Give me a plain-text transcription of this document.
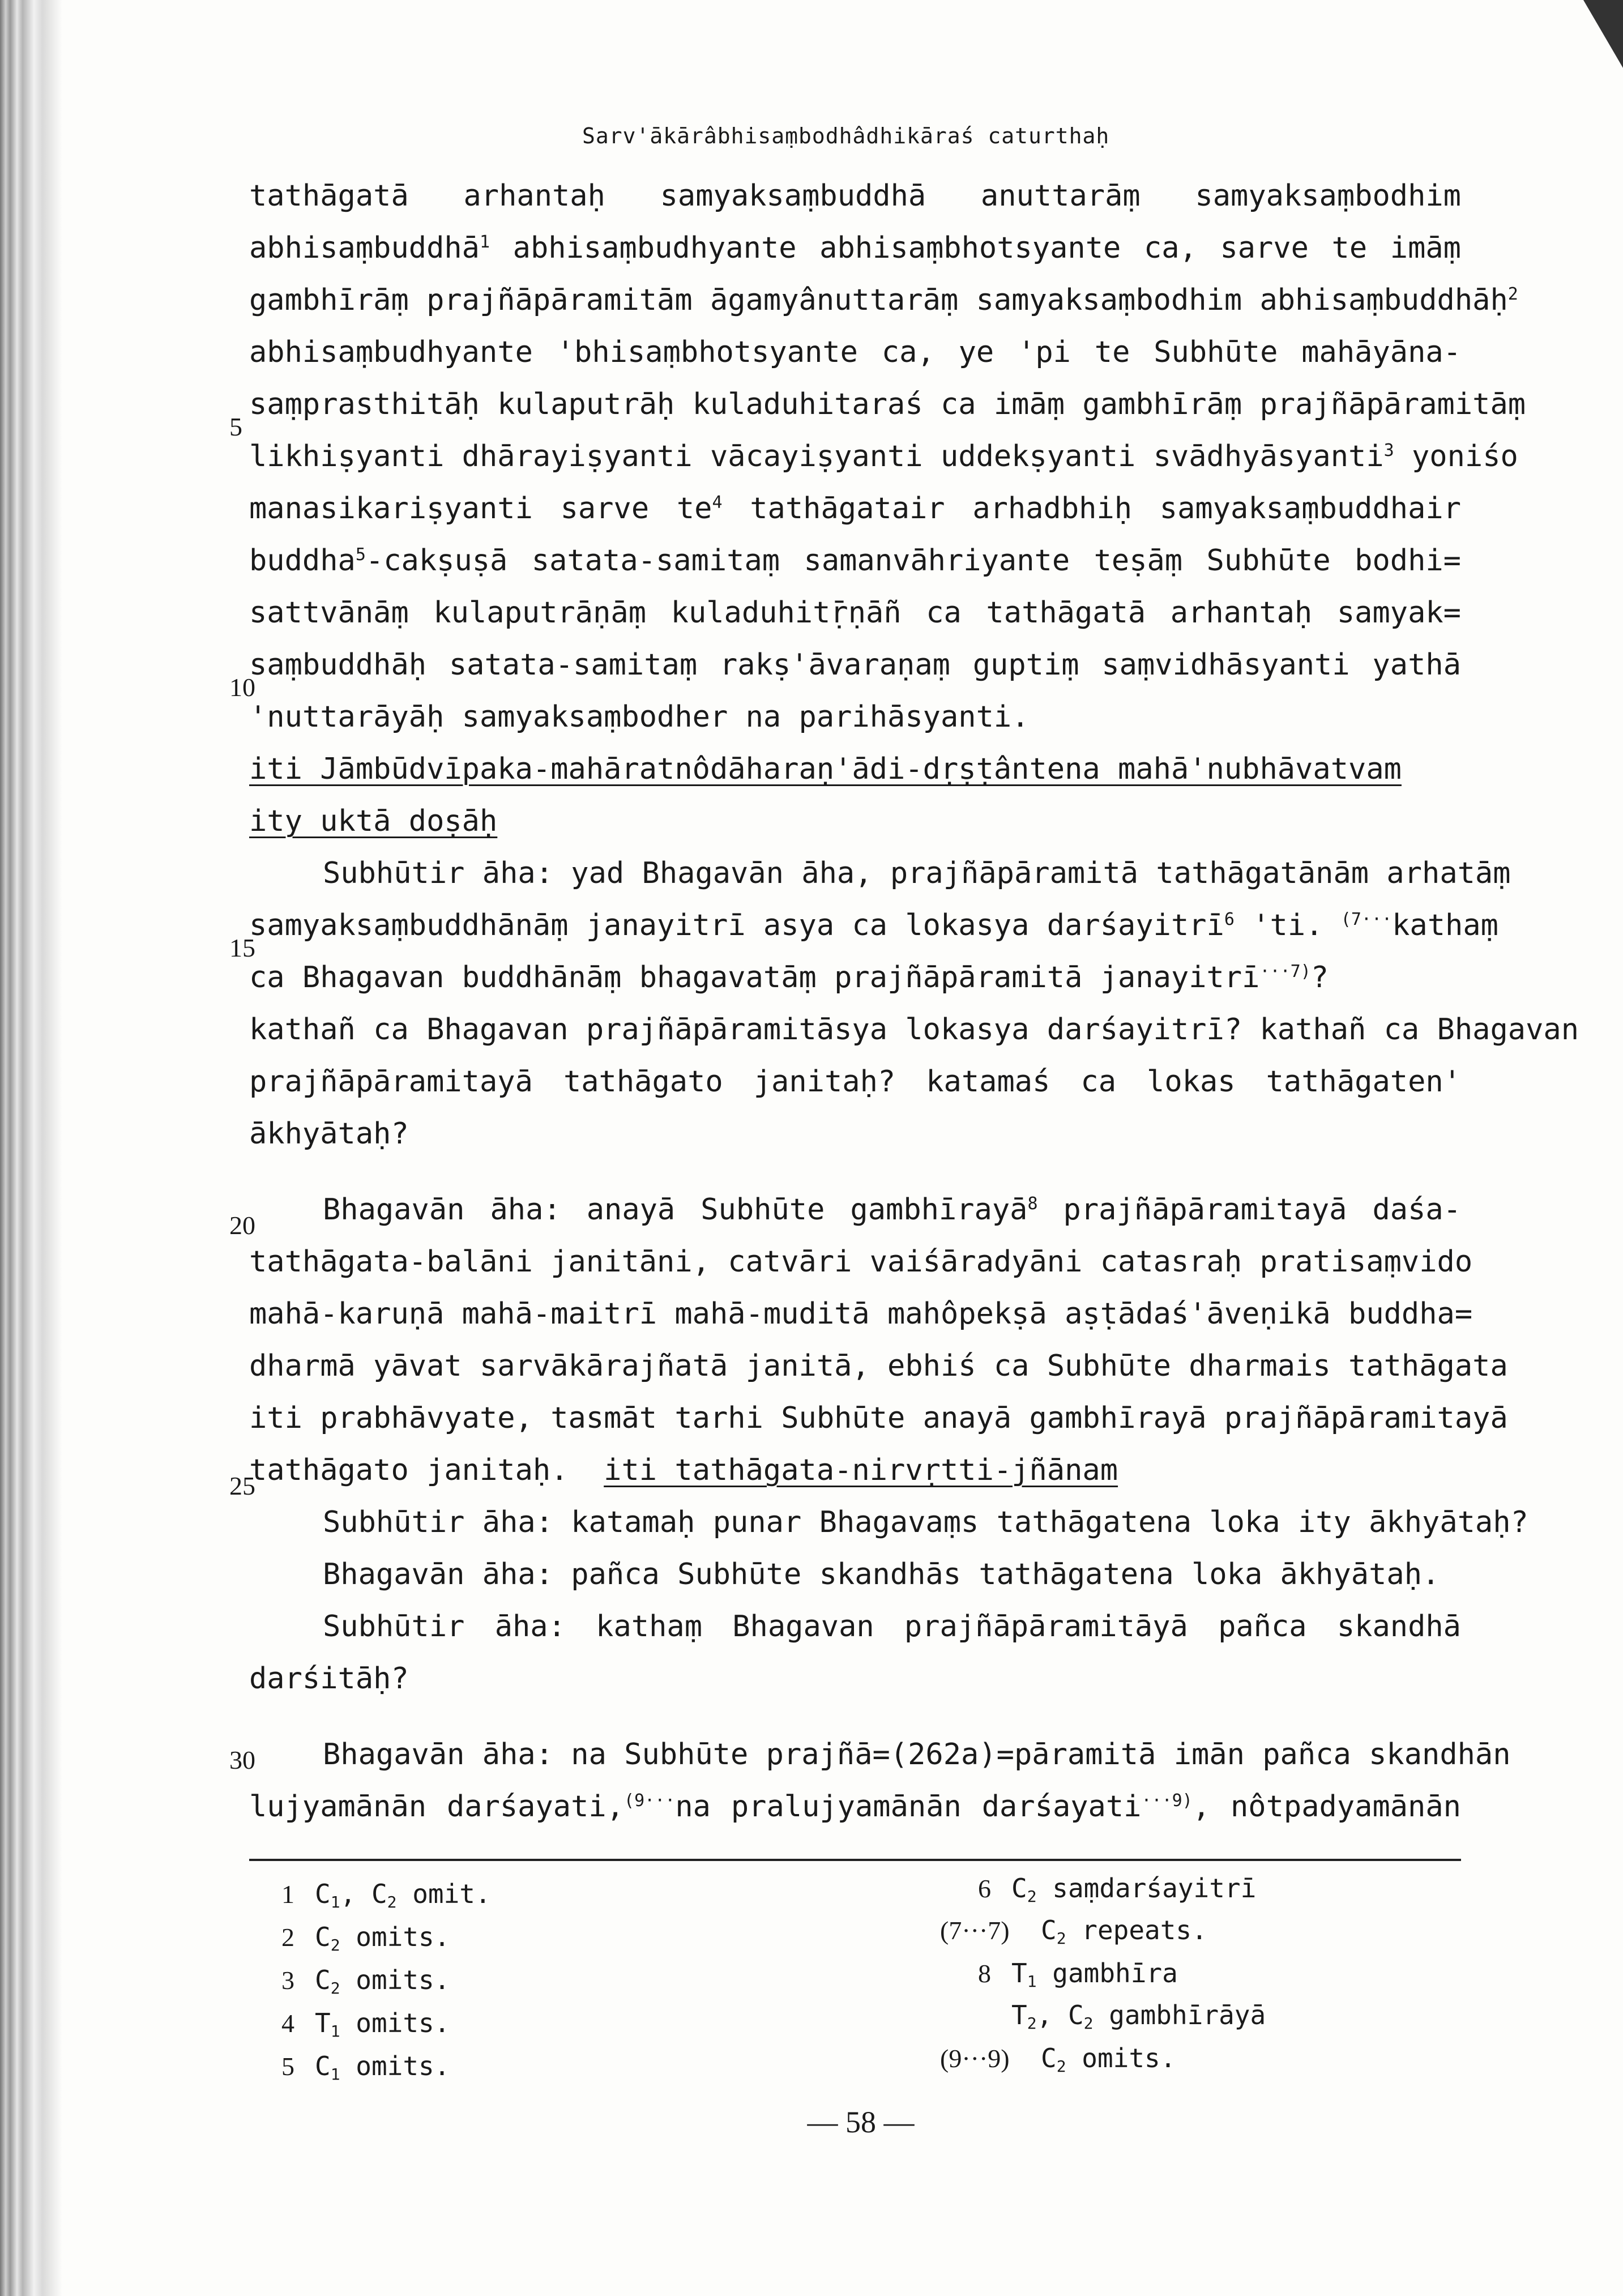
Sarv'ākārâbhisaṃbodhâdhikāraś caturthaḥ
5
10
15
20
25
30
tathāgatā arhantaḥ samyaksaṃbuddhā anuttarāṃ samyaksaṃbodhim
abhisaṃbuddhā$^1$ abhisaṃbudhyante abhisaṃbhotsyante ca, sarve te imāṃ
gambhīrāṃ prajñāpāramitām āgamyânuttarāṃ samyaksaṃbodhim abhisaṃbuddhāḥ$^2$
abhisaṃbudhyante 'bhisaṃbhotsyante ca, ye 'pi te Subhūte mahāyāna-
saṃprasthitāḥ kulaputrāḥ kuladuhitaraś ca imāṃ gambhīrāṃ prajñāpāramitāṃ
likhiṣyanti dhārayiṣyanti vācayiṣyanti uddekṣyanti svādhyāsyanti$^3$ yoniśo
manasikariṣyanti sarve $te^4$ tathāgatair arhadbhiḥ samyaksaṃbuddhair
buddha$^5$-cakṣuṣā satata-samitaṃ samanvāhriyante teṣāṃ Subhūte bodhi=
sattvānāṃ kulaputrāṇāṃ kuladuhitṝṇāñ ca tathāgatā arhantaḥ samyak=
saṃbuddhāḥ satata-samitaṃ rakṣ'āvaraṇaṃ guptiṃ saṃvidhāsyanti yathā
'nuttarāyāḥ samyaksaṃbodher na parihāsyanti.
iti Jāmbūdvīpaka-mahāratnôdāharaṇ'ādi-dṛṣṭântena mahā'nubhāvatvam
ity uktā doṣāḥ
Subhūtir āha: yad Bhagavān āha, prajñāpāramitā tathāgatānām arhatāṃ
samyaksaṃbuddhānāṃ janayitrī asya ca lokasya darśayitrī$^6$ 'ti. $^{(7\cdot\cdot\cdot}$kathaṃ
ca Bhagavan buddhānāṃ bhagavatāṃ prajñāpāramitā janayitrī$^{\cdot\cdot\cdot 7)}$?
kathañ ca Bhagavan prajñāpāramitāsya lokasya darśayitrī? kathañ ca Bhagavan
prajñāpāramitayā tathāgato janitaḥ? katamaś ca lokas tathāgaten'
ākhyātaḥ?
Bhagavān āha: anayā Subhūte gambhīrayā$^8$ prajñāpāramitayā daśa-
tathāgata-balāni janitāni, catvāri vaiśāradyāni catasraḥ pratisaṃvido
mahā-karuṇā mahā-maitrī mahā-muditā mahôpekṣā aṣṭādaś'āveṇikā buddha=
dharmā yāvat sarvākārajñatā janitā, ebhiś ca Subhūte dharmais tathāgata
iti prabhāvyate, tasmāt tarhi Subhūte anayā gambhīrayā prajñāpāramitayā
tathāgato janitaḥ. iti tathāgata-nirvṛtti-jñānam
Subhūtir āha: katamaḥ punar Bhagavaṃs tathāgatena loka ity ākhyātaḥ?
Bhagavān āha: pañca Subhūte skandhās tathāgatena loka ākhyātaḥ.
Subhūtir āha: kathaṃ Bhagavan prajñāpāramitāyā pañca skandhā
darśitāḥ?
Bhagavān āha: na Subhūte prajñā=(262a)=pāramitā imān pañca skandhān
lujyamānān darśayati,$^{(9\cdot\cdot\cdot}$na pralujyamānān darśayati$^{\cdot\cdot\cdot 9)}$, nôtpadyamānān
1 $C_1$, $C_2$ omit.
2 $C_2$ omits.
3 $C_2$ omits.
4 $T_1$ omits.
5 $C_1$ omits.
6 $C_2$ saṃdarśayitrī
(7···7) $C_2$ repeats.
8 $T_1$ gambhīra
$T_2$, $C_2$ gambhīrāyā
(9···9) $C_2$ omits.
— 58 —
